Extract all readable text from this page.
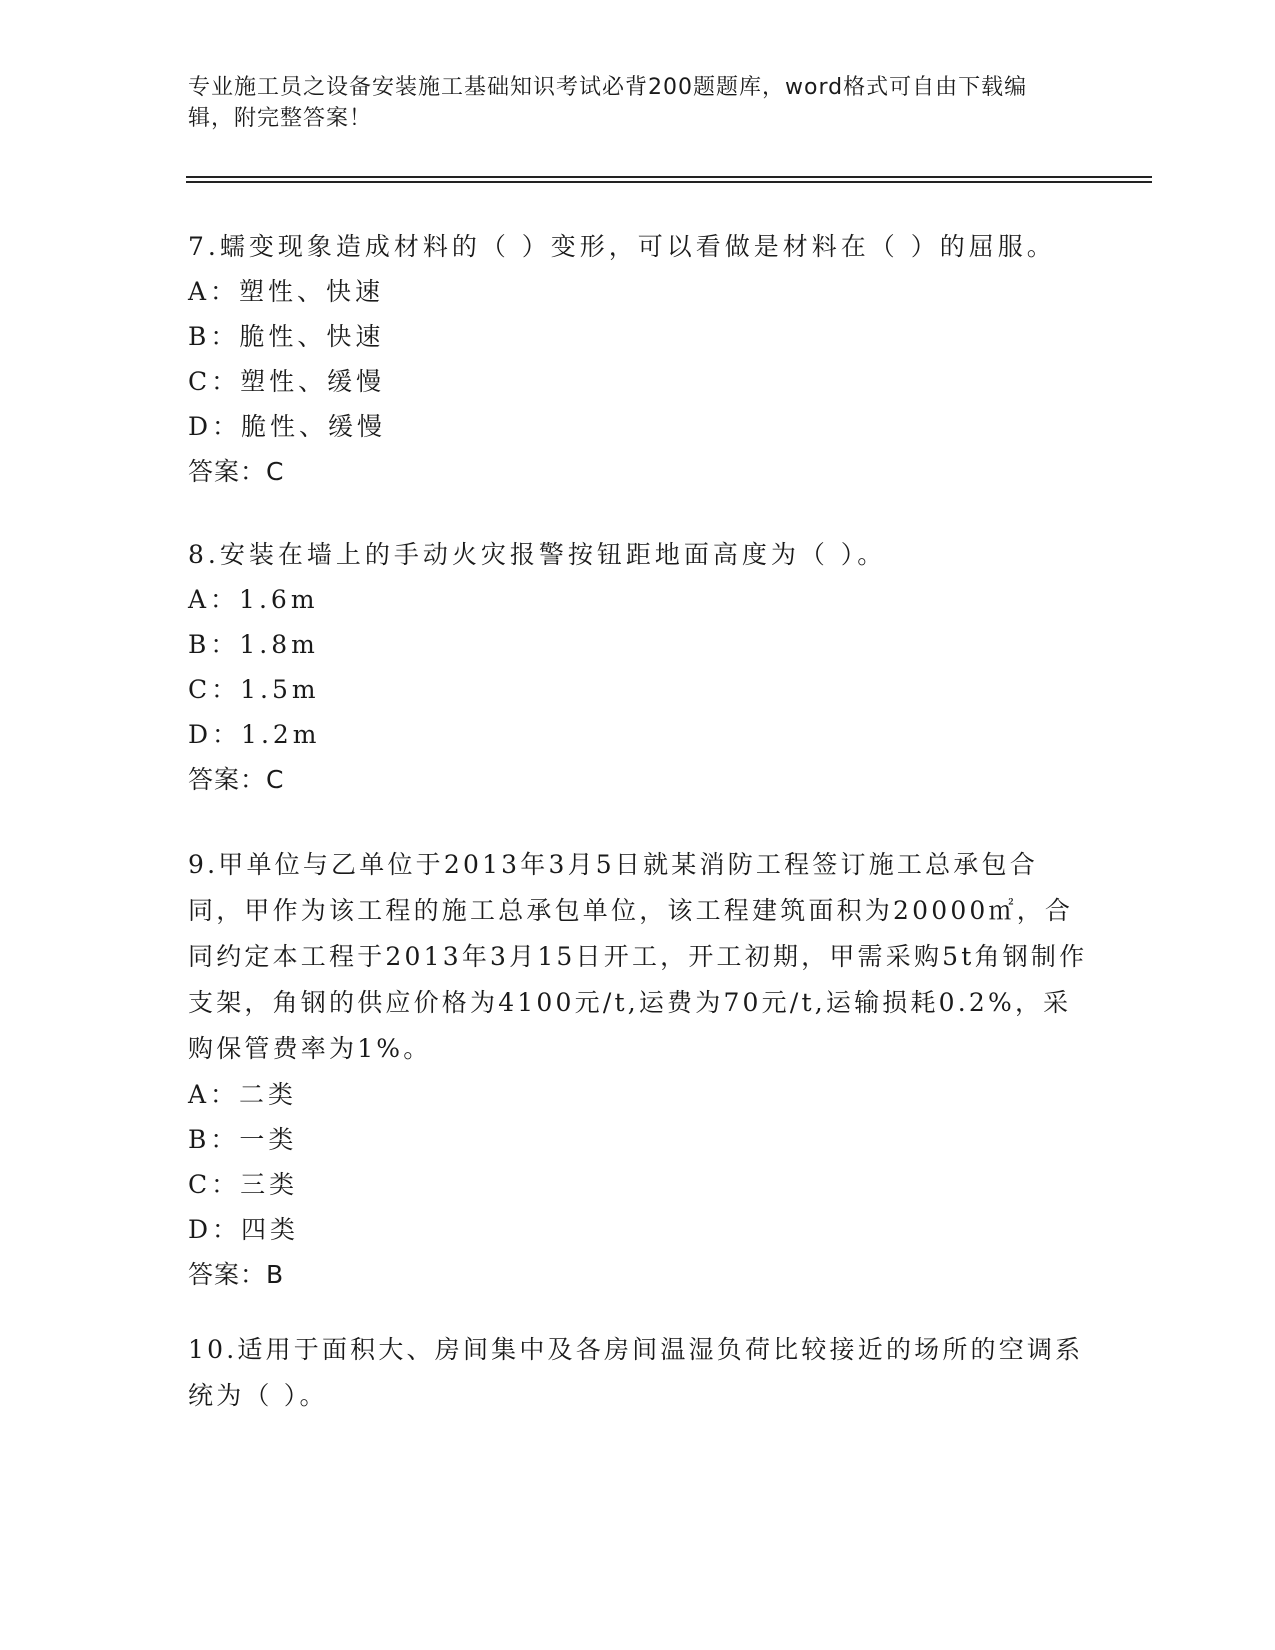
专业施工员之设备安装施工基础知识考试必背200题题库，word格式可自由下载编辑，附完整答案！
7.蠕变现象造成材料的（ ）变形，可以看做是材料在（ ）的屈服。
A：塑性、快速
B：脆性、快速
C：塑性、缓慢
D：脆性、缓慢
答案：C
8.安装在墙上的手动火灾报警按钮距地面高度为（ ）。
A：1.6m
B：1.8m
C：1.5m
D：1.2m
答案：C
9.甲单位与乙单位于2013年3月5日就某消防工程签订施工总承包合同，甲作为该工程的施工总承包单位，该工程建筑面积为20000㎡，合同约定本工程于2013年3月15日开工，开工初期，甲需采购5t角钢制作支架，角钢的供应价格为4100元/t,运费为70元/t,运输损耗0.2%，采购保管费率为1%。
A：二类
B：一类
C：三类
D：四类
答案：B
10.适用于面积大、房间集中及各房间温湿负荷比较接近的场所的空调系统为（ ）。
